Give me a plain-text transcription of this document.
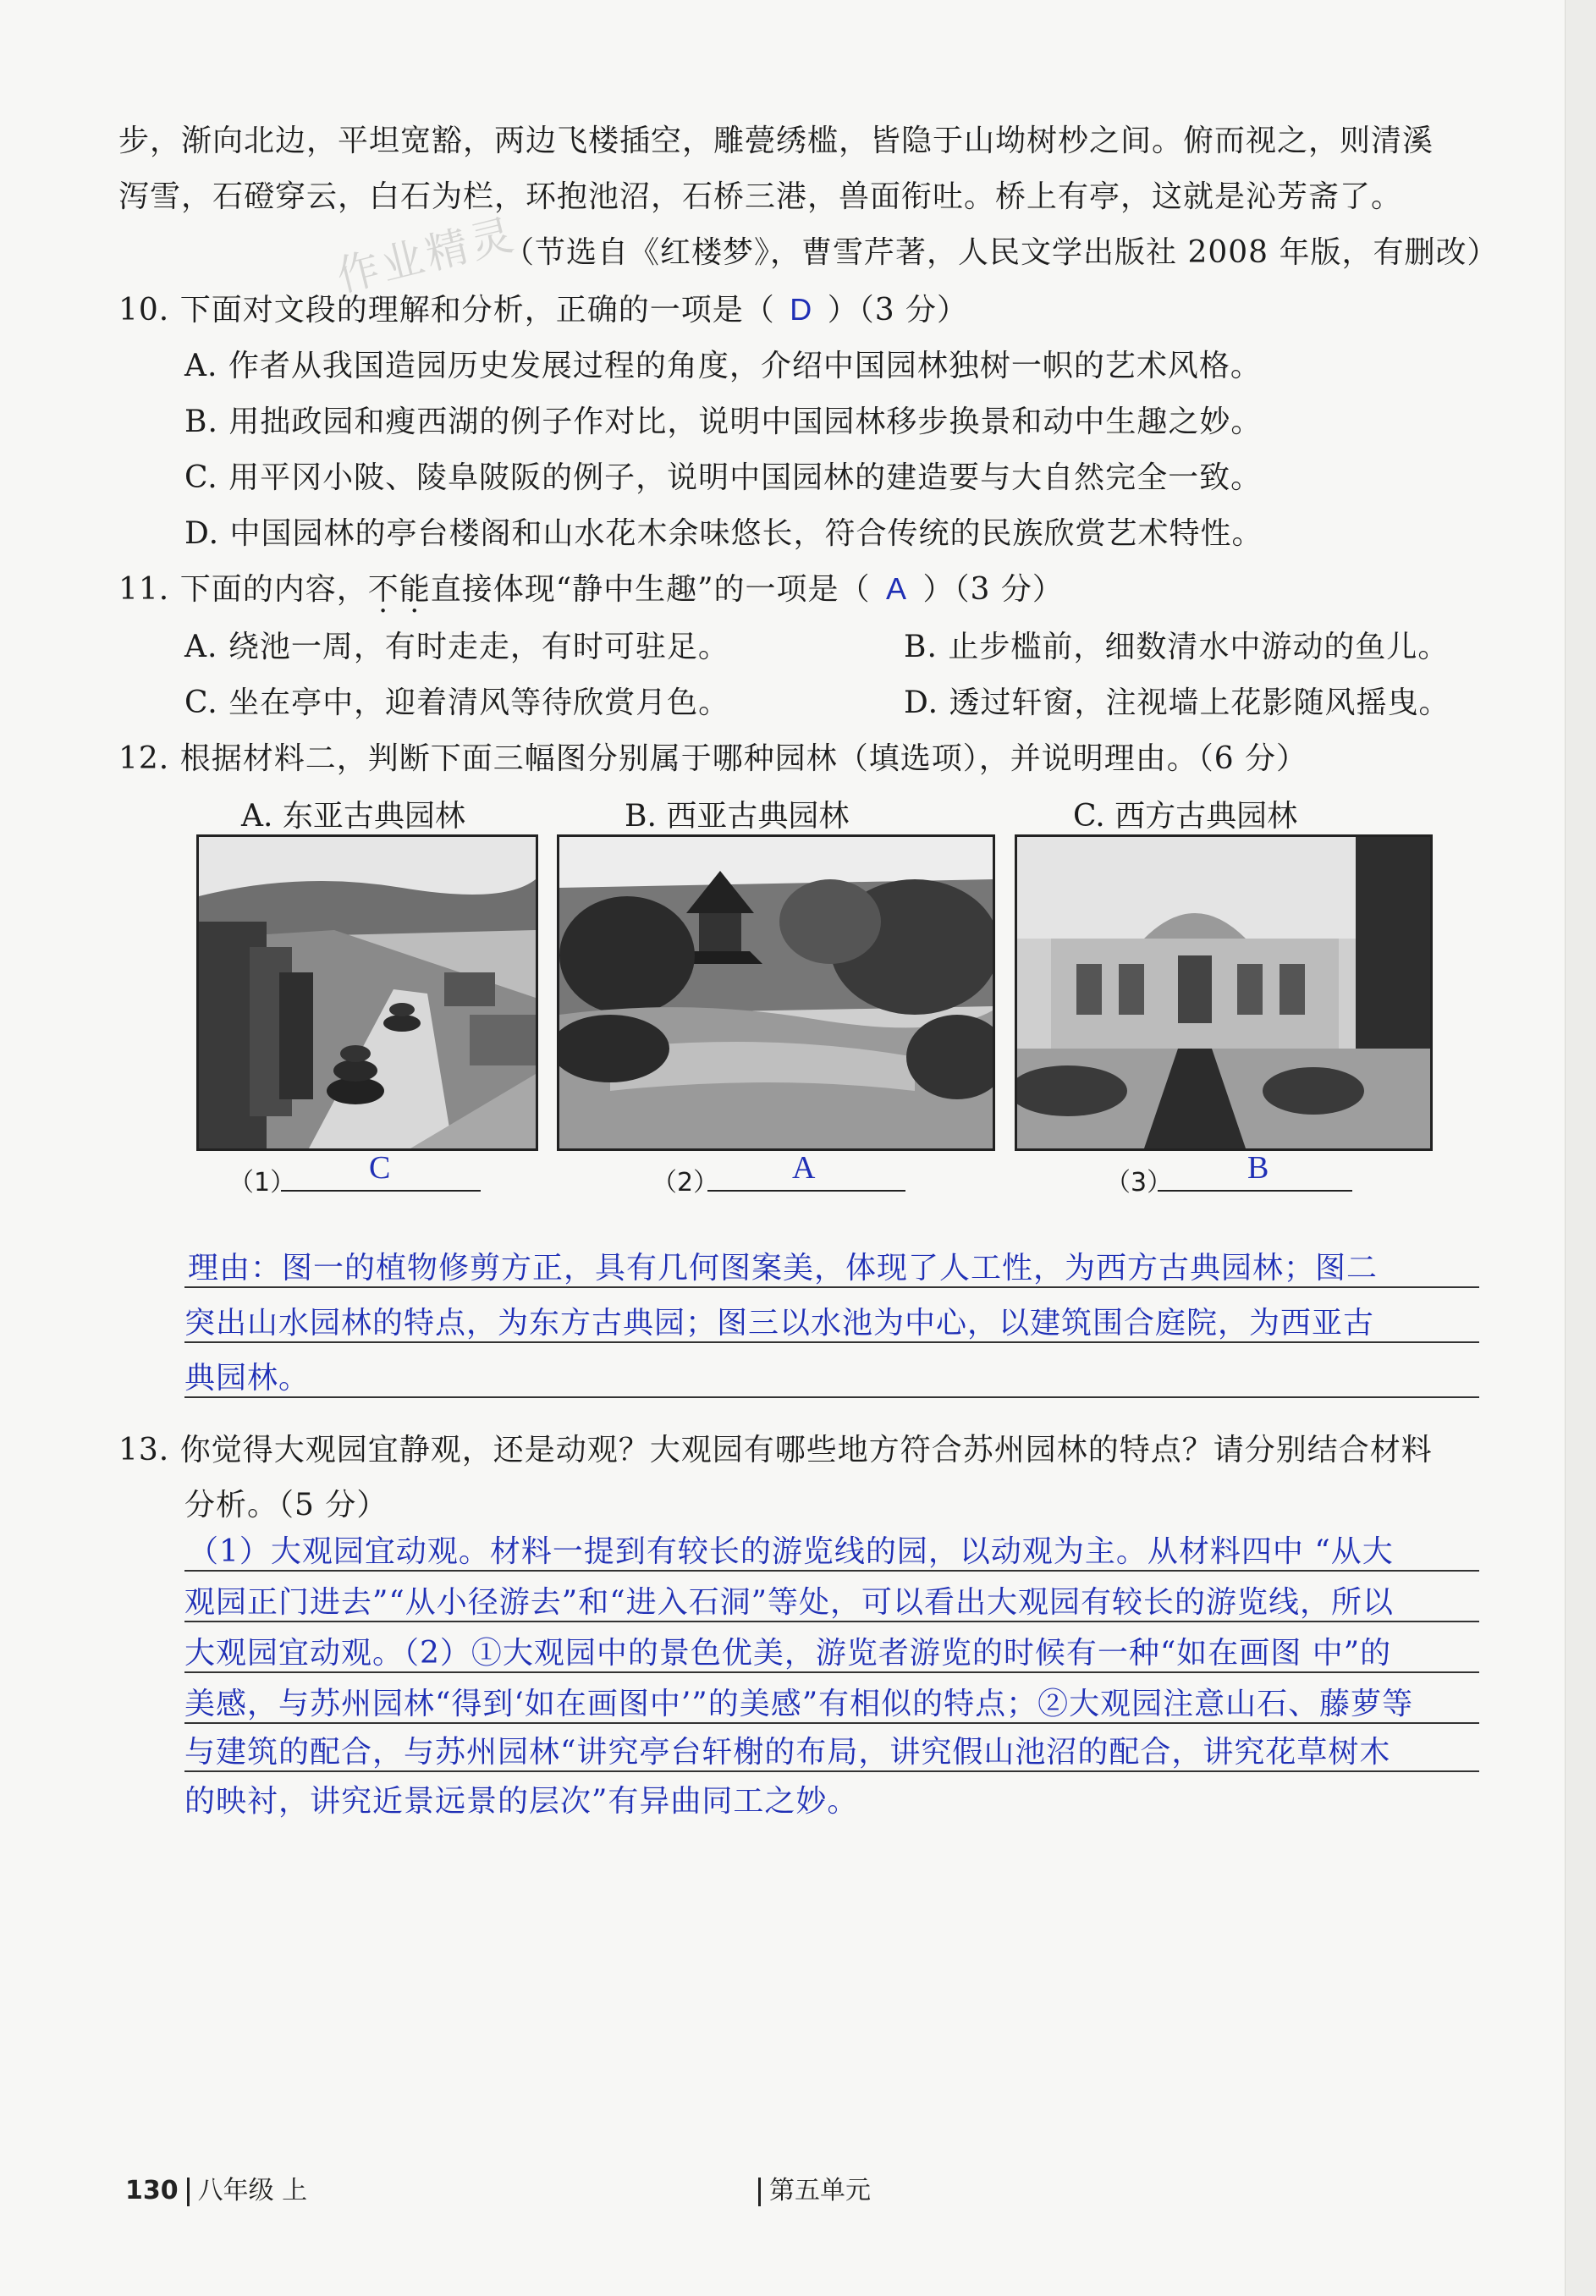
步，渐向北边，平坦宽豁，两边飞楼插空，雕甍绣槛，皆隐于山坳树杪之间。俯而视之，则清溪
泻雪，石磴穿云，白石为栏，环抱池沼，石桥三港，兽面衔吐。桥上有亭，这就是沁芳斋了。
（节选自《红楼梦》，曹雪芹著，人民文学出版社 2008 年版，有删改）
作业精灵
10. 下面对文段的理解和分析，正确的一项是（ D ）（3 分）
A. 作者从我国造园历史发展过程的角度，介绍中国园林独树一帜的艺术风格。
B. 用拙政园和瘦西湖的例子作对比，说明中国园林移步换景和动中生趣之妙。
C. 用平冈小陂、陵阜陂阪的例子，说明中国园林的建造要与大自然完全一致。
D. 中国园林的亭台楼阁和山水花木余味悠长，符合传统的民族欣赏艺术特性。
11. 下面的内容，不能直接体现“静中生趣”的一项是（ A ）（3 分）
A. 绕池一周，有时走走，有时可驻足。	B. 止步槛前，细数清水中游动的鱼儿。
C. 坐在亭中，迎着清风等待欣赏月色。	D. 透过轩窗，注视墙上花影随风摇曳。
12. 根据材料二，判断下面三幅图分别属于哪种园林（填选项），并说明理由。（6 分）
A. 东亚古典园林	B. 西亚古典园林	C. 西方古典园林
（1） C	（2） A	（3） B
理由：图一的植物修剪方正，具有几何图案美，体现了人工性，为西方古典园林；图二
突出山水园林的特点，为东方古典园；图三以水池为中心，以建筑围合庭院，为西亚古
典园林。
13. 你觉得大观园宜静观，还是动观？大观园有哪些地方符合苏州园林的特点？请分别结合材料
分析。（5 分）
（1）大观园宜动观。材料一提到有较长的游览线的园，以动观为主。从材料四中 “从大
观园正门进去”“从小径游去”和“进入石洞”等处，可以看出大观园有较长的游览线，所以
大观园宜动观。（2）①大观园中的景色优美，游览者游览的时候有一种“如在画图 中”的
美感，与苏州园林“得到‘如在画图中’”的美感”有相似的特点；②大观园注意山石、藤萝等
与建筑的配合，与苏州园林“讲究亭台轩榭的布局，讲究假山池沼的配合，讲究花草树木
的映衬，讲究近景远景的层次”有异曲同工之妙。
130 八年级 上	第五单元
